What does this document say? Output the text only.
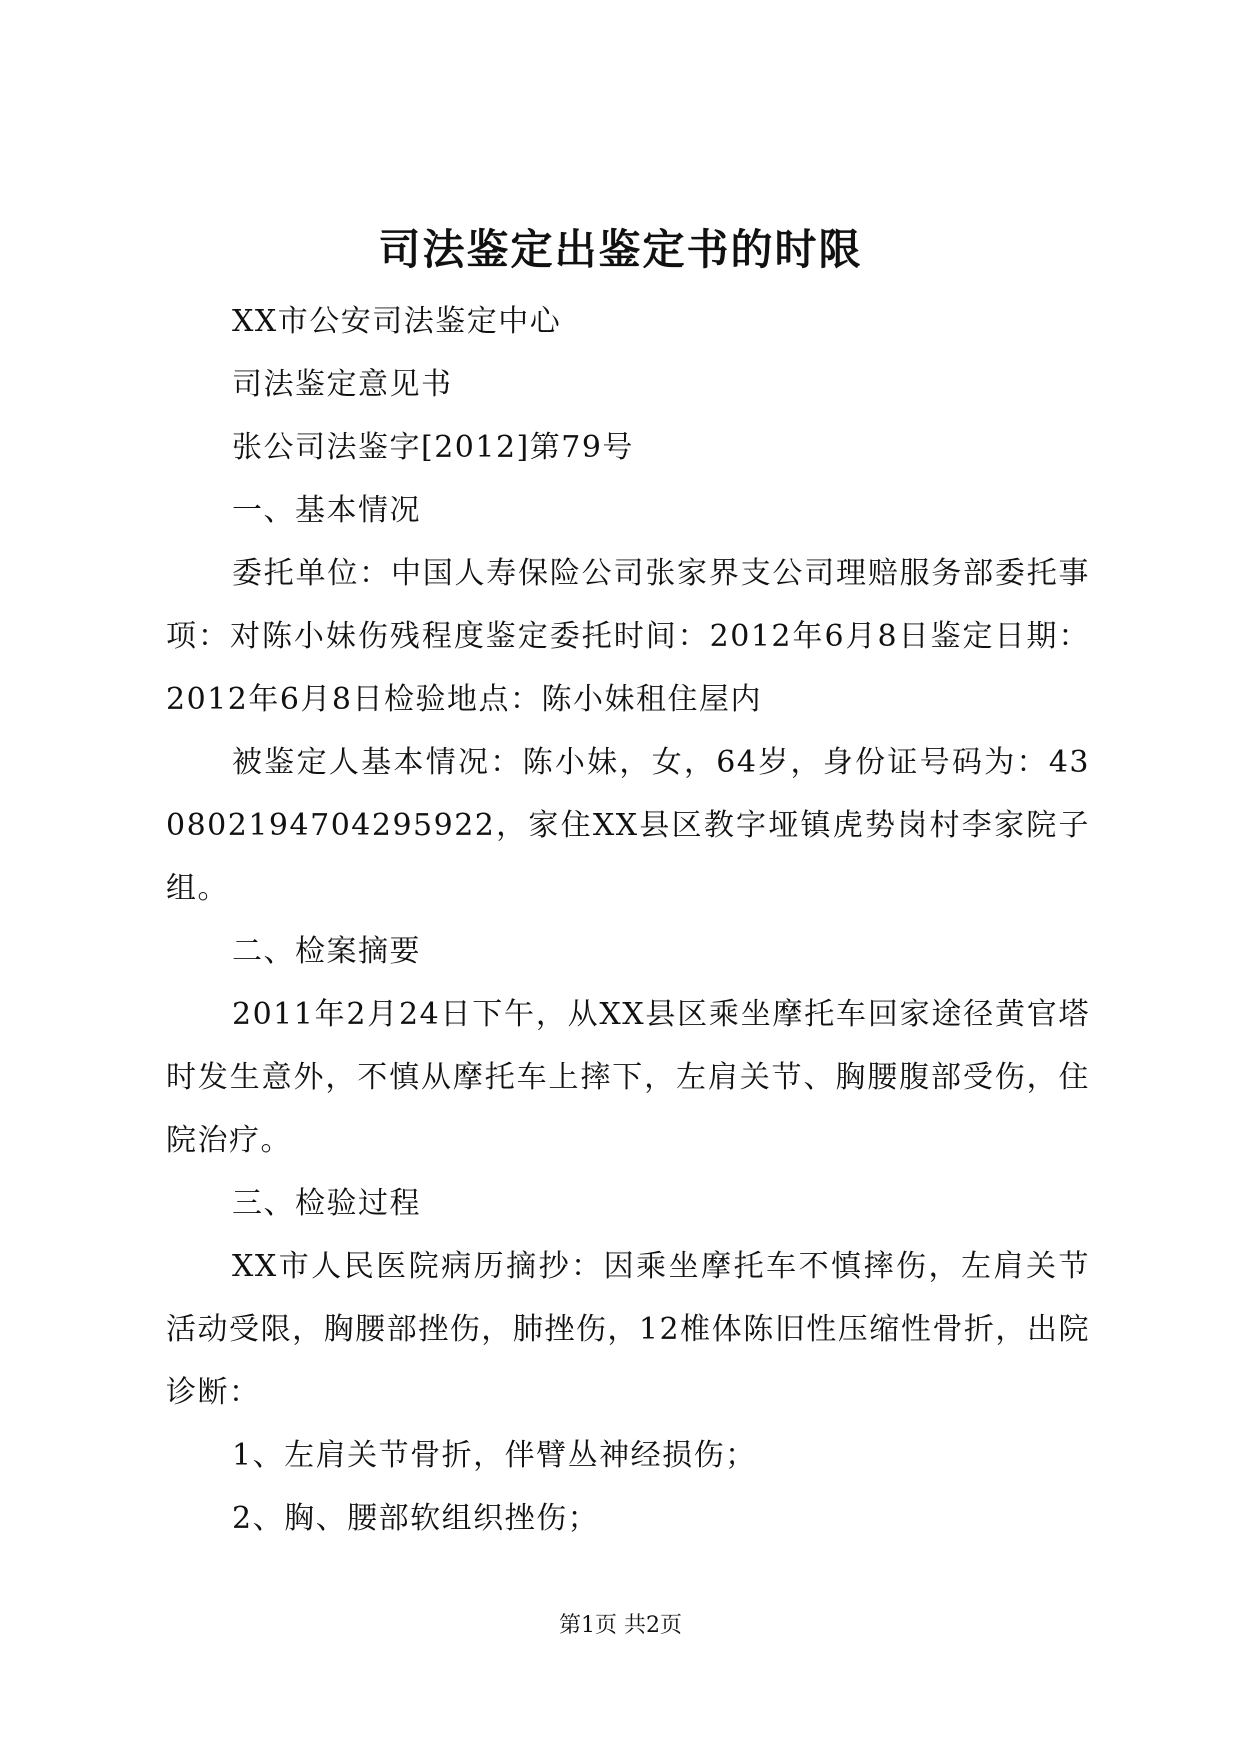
司法鉴定出鉴定书的时限

XX市公安司法鉴定中心

司法鉴定意见书

张公司法鉴字[2012]第79号

一、基本情况

委托单位：中国人寿保险公司张家界支公司理赔服务部委托事项：对陈小妹伤残程度鉴定委托时间：2012年6月8日鉴定日期：2012年6月8日检验地点：陈小妹租住屋内

被鉴定人基本情况：陈小妹，女，64岁，身份证号码为：430802194704295922，家住XX县区教字垭镇虎势岗村李家院子组。

二、检案摘要

2011年2月24日下午，从XX县区乘坐摩托车回家途径黄官塔时发生意外，不慎从摩托车上摔下，左肩关节、胸腰腹部受伤，住院治疗。

三、检验过程

XX市人民医院病历摘抄：因乘坐摩托车不慎摔伤，左肩关节活动受限，胸腰部挫伤，肺挫伤，12椎体陈旧性压缩性骨折，出院诊断：

1、左肩关节骨折，伴臂丛神经损伤；

2、胸、腰部软组织挫伤；

第1页 共2页
